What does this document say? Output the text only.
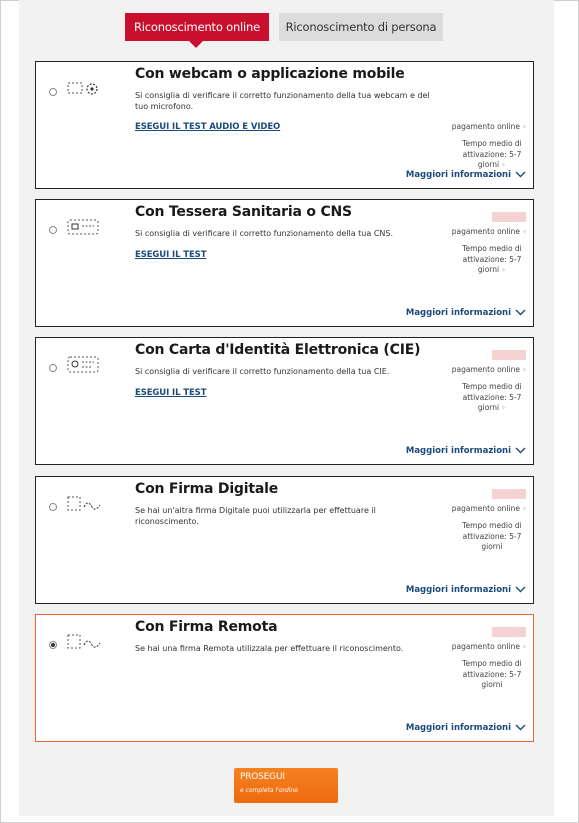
Riconoscimento online	Riconoscimento di persona
Con webcam o applicazione mobile
Si consiglia di verificare il corretto funzionamento della tua webcam e del tuo microfono.
ESEGUI IL TEST AUDIO E VIDEO	pagamento online ⁘
Tempo medio di attivazione: 5-7 giorni ⁘
Maggiori informazioni
Con Tessera Sanitaria o CNS
Si consiglia di verificare il corretto funzionamento della tua CNS.
ESEGUI IL TEST
pagamento online ⁘
Tempo medio di attivazione: 5-7 giorni ⁘
Maggiori informazioni
Con Carta d'Identità Elettronica (CIE)
Si consiglia di verificare il corretto funzionamento della tua CIE.
ESEGUI IL TEST
pagamento online ⁘
Tempo medio di attivazione: 5-7 giorni ⁘
Maggiori informazioni
Con Firma Digitale
Se hai un'altra firma Digitale puoi utilizzarla per effettuare il riconoscimento.
pagamento online ⁘
Tempo medio di attivazione: 5-7 giorni
Maggiori informazioni
Con Firma Remota
Se hai una firma Remota utilizzala per effettuare il riconoscimento.	pagamento online ⁘
Tempo medio di attivazione: 5-7 giorni
Maggiori informazioni
PROSEGUI
e completa l'ordine
